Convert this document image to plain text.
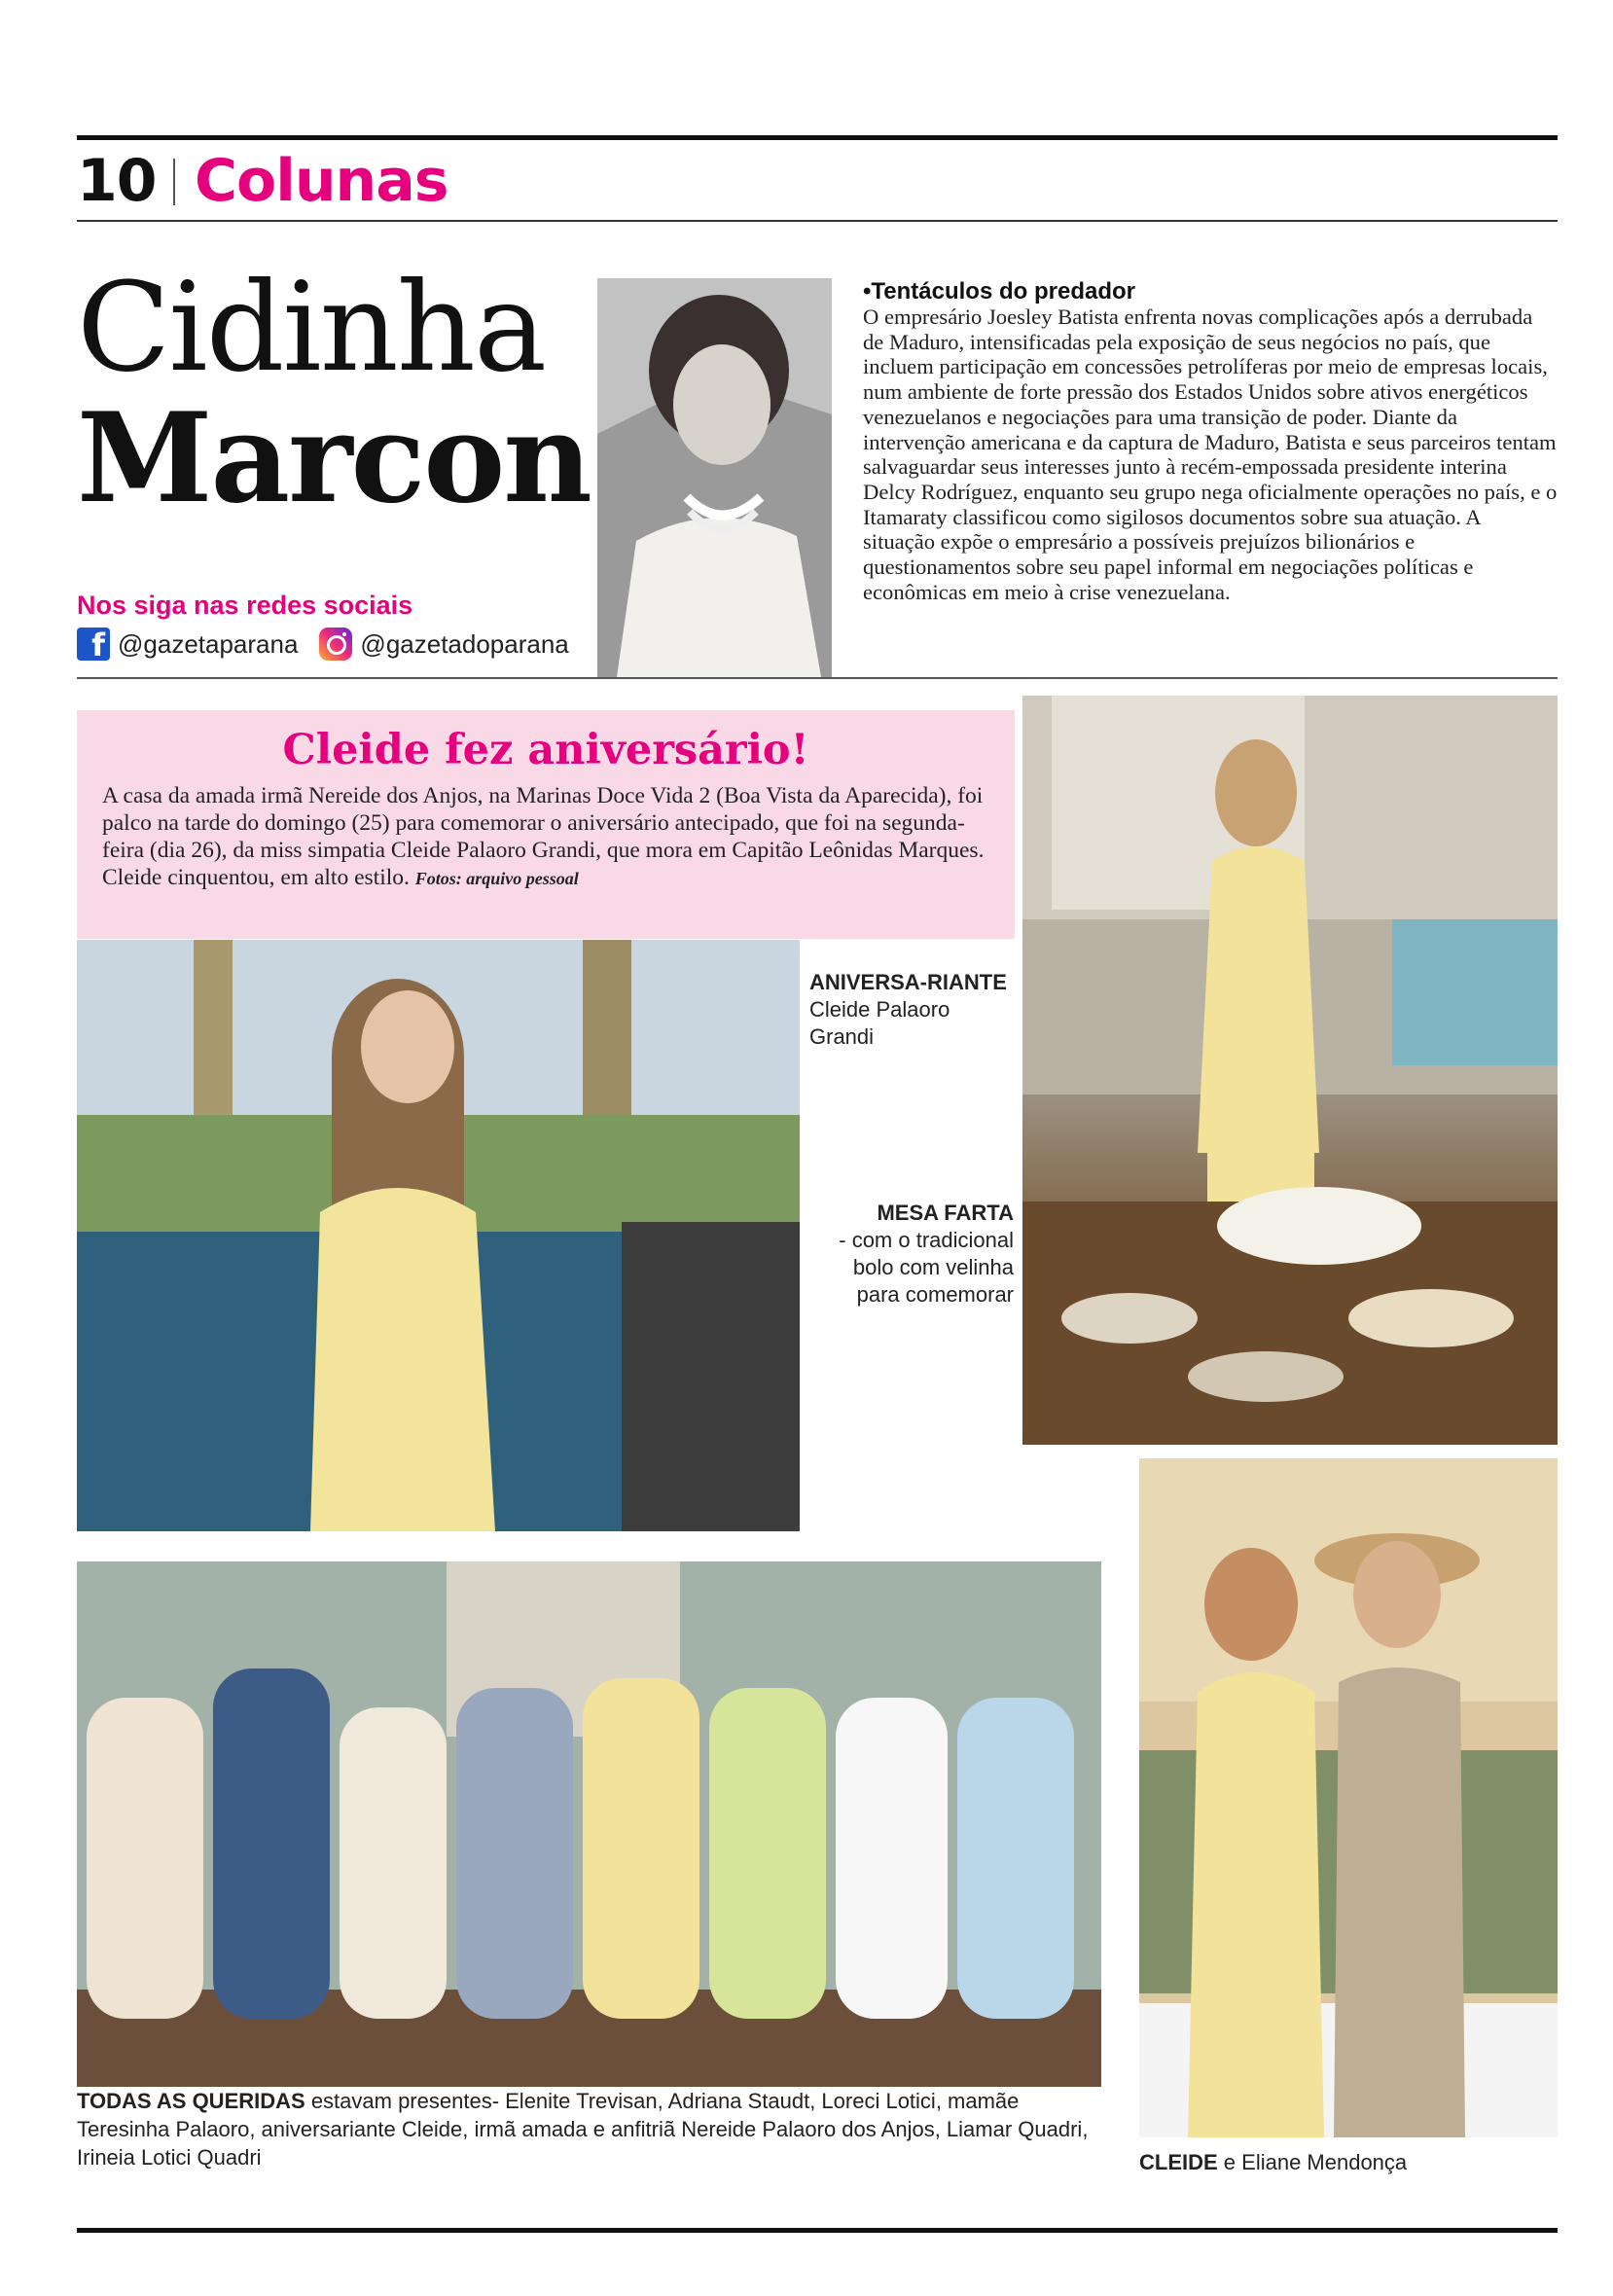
10 Colunas
Cidinha
Marcon
Nos siga nas redes sociais
f
@gazetaparana @gazetadoparana
•Tentáculos do predador
O empresário Joesley Batista enfrenta novas complicações após a derrubada de Maduro, intensificadas pela exposição de seus negócios no país, que incluem participação em concessões petrolíferas por meio de empresas locais, num ambiente de forte pressão dos Estados Unidos sobre ativos energéticos venezuelanos e negociações para uma transição de poder. Diante da intervenção americana e da captura de Maduro, Batista e seus parceiros tentam salvaguardar seus interesses junto à recém-empossada presidente interina Delcy Rodríguez, enquanto seu grupo nega oficialmente operações no país, e o Itamaraty classificou como sigilosos documentos sobre sua atuação. A situação expõe o empresário a possíveis prejuízos bilionários e questionamentos sobre seu papel informal em negociações políticas e econômicas em meio à crise venezuelana.
Cleide fez aniversário!
A casa da amada irmã Nereide dos Anjos, na Marinas Doce Vida 2 (Boa Vista da Aparecida), foi palco na tarde do domingo (25) para comemorar o aniversário antecipado, que foi na segunda-feira (dia 26), da miss simpatia Cleide Palaoro Grandi, que mora em Capitão Leônidas Marques. Cleide cinquentou, em alto estilo. Fotos: arquivo pessoal
ANIVERSA-RIANTE
Cleide Palaoro Grandi
MESA FARTA
- com o tradicional bolo com velinha para comemorar
TODAS AS QUERIDAS estavam presentes- Elenite Trevisan, Adriana Staudt, Loreci Lotici, mamãe Teresinha Palaoro, aniversariante Cleide, irmã amada e anfitriã Nereide Palaoro dos Anjos, Liamar Quadri, Irineia Lotici Quadri	CLEIDE e Eliane Mendonça
